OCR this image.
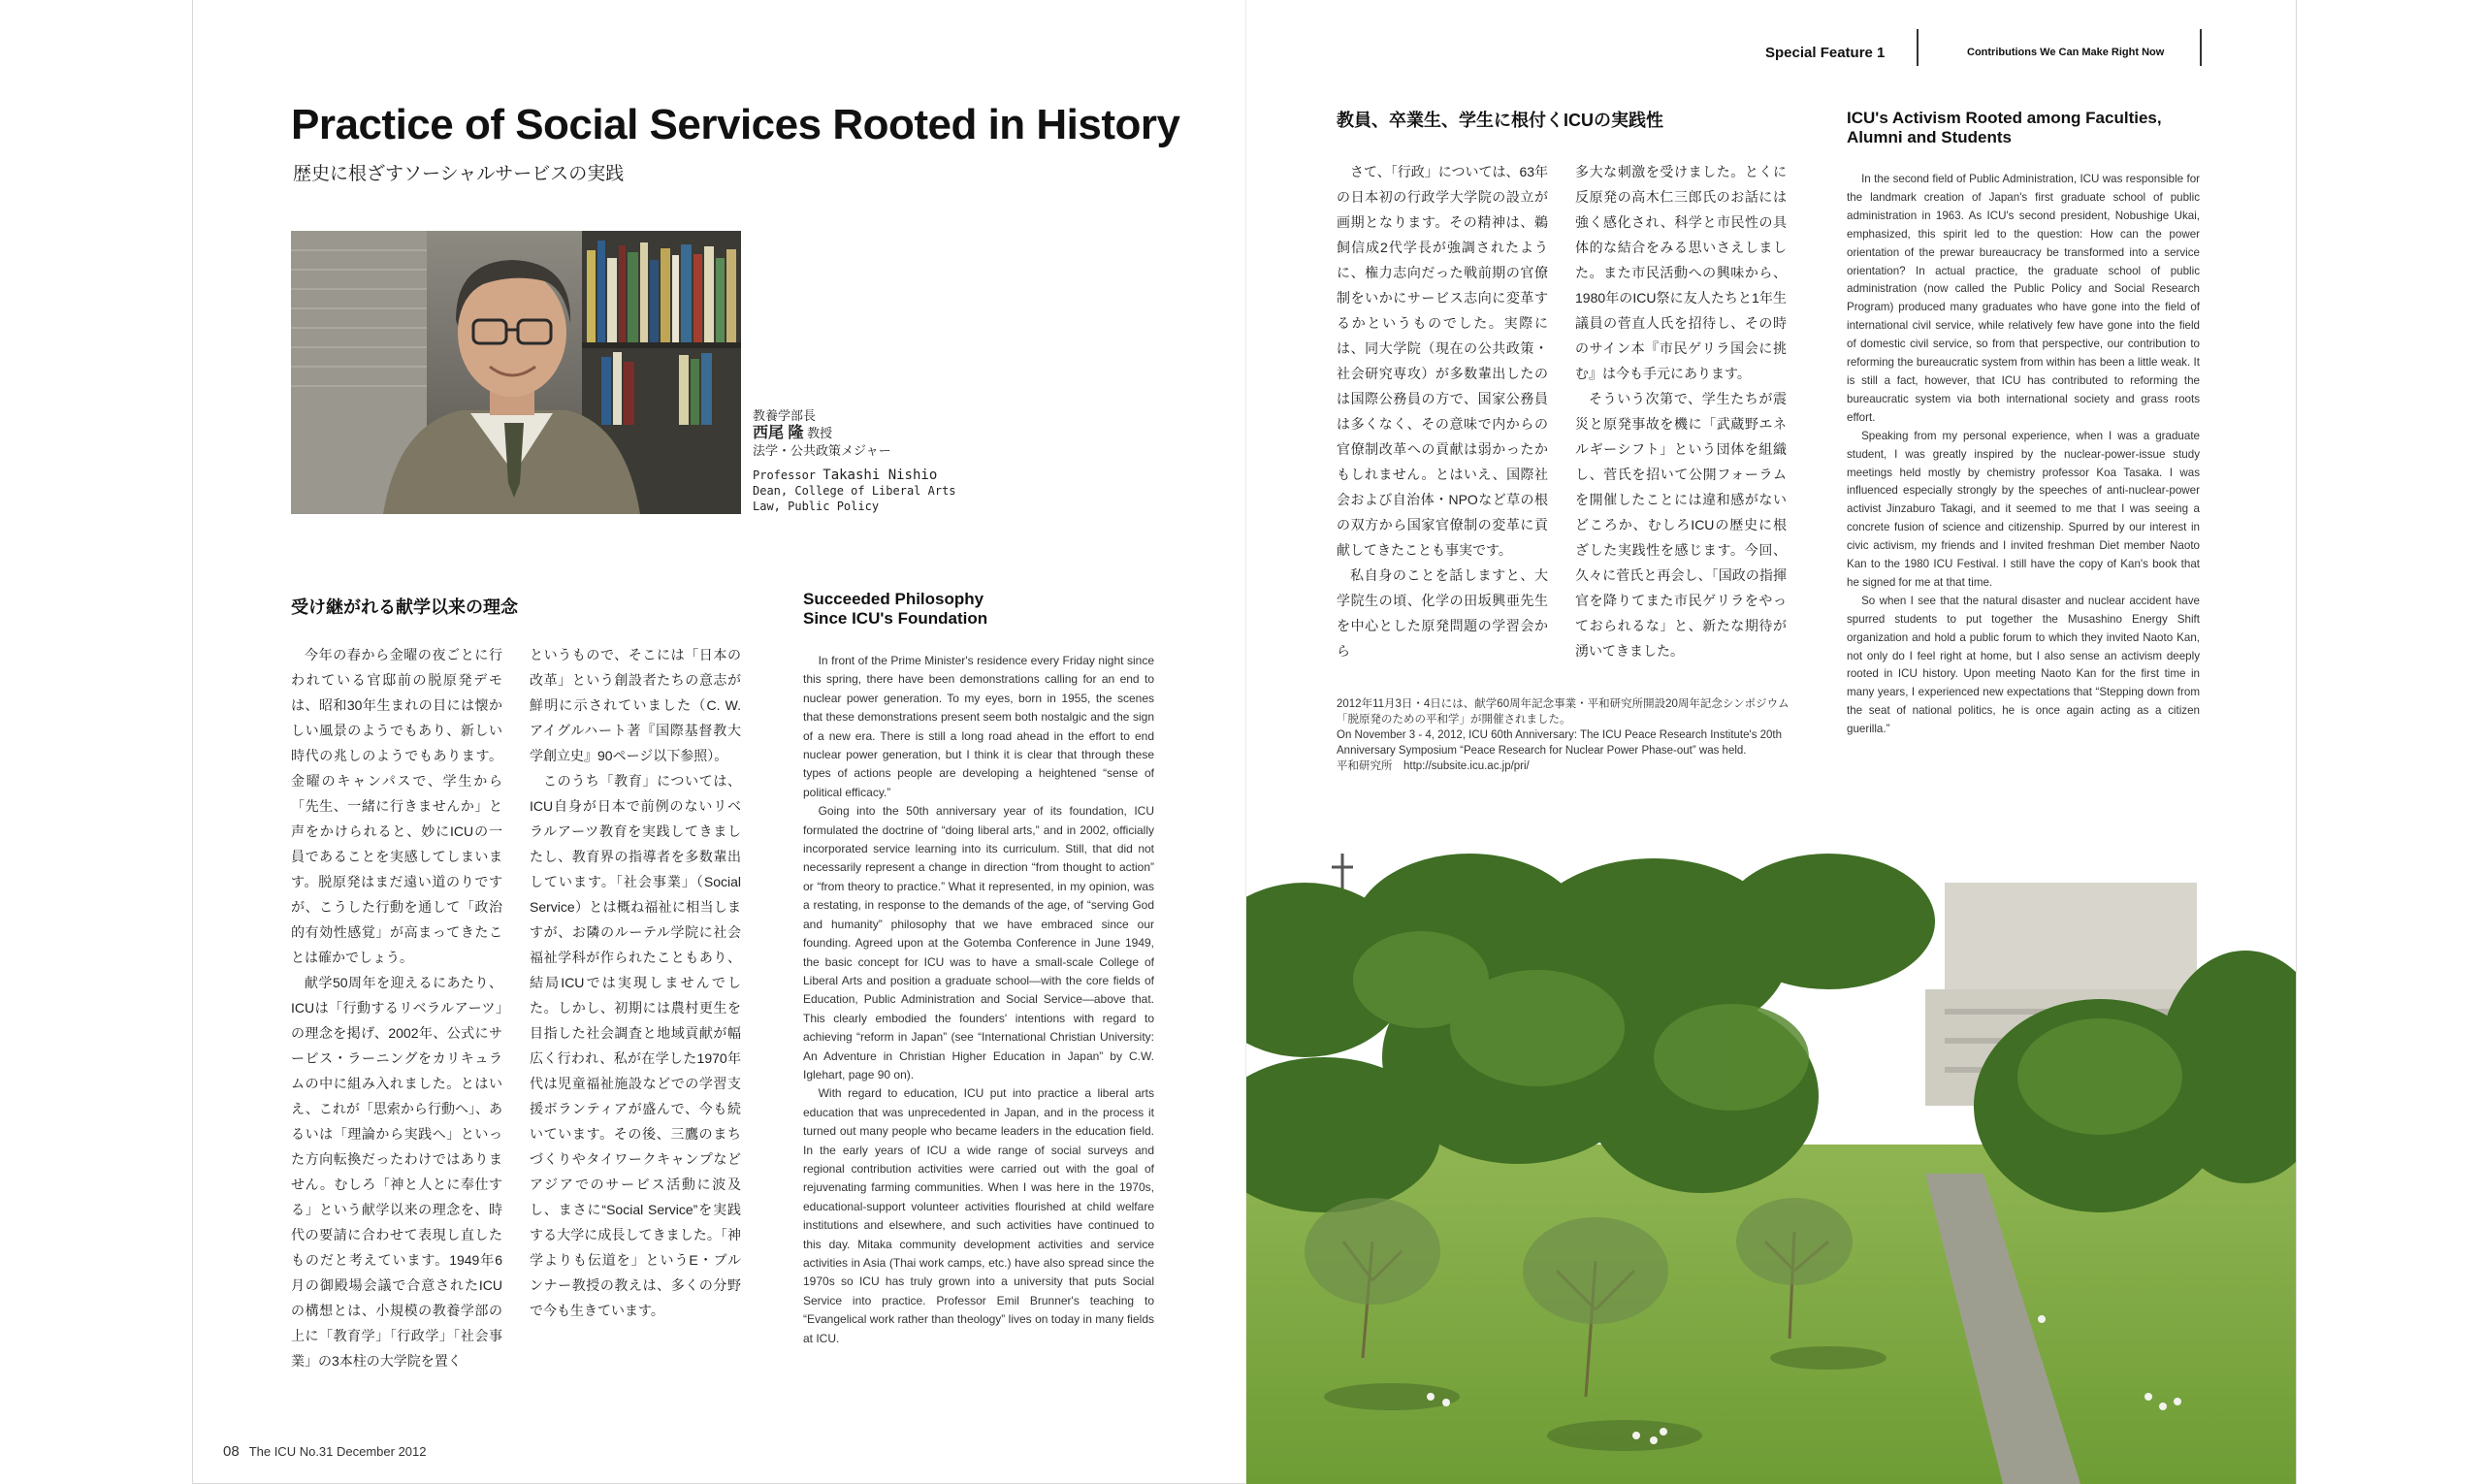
Special Feature 1	Contributions We Can Make Right Now
Practice of Social Services Rooted in History
歴史に根ざすソーシャルサービスの実践
教養学部長
西尾 隆 教授
法学・公共政策メジャー
Professor Takashi Nishio
Dean, College of Liberal Arts
Law, Public Policy
受け継がれる献学以来の理念	Succeeded Philosophy
Since ICU's Foundation

今年の春から金曜の夜ごとに行われている官邸前の脱原発デモは、昭和30年生まれの目には懐かしい風景のようでもあり、新しい時代の兆しのようでもあります。金曜のキャンパスで、学生から「先生、一緒に行きませんか」と声をかけられると、妙にICUの一員であることを実感してしまいます。脱原発はまだ遠い道のりですが、こうした行動を通して「政治的有効性感覚」が高まってきたことは確かでしょう。

献学50周年を迎えるにあたり、ICUは「行動するリベラルアーツ」の理念を掲げ、2002年、公式にサービス・ラーニングをカリキュラムの中に組み入れました。とはいえ、これが「思索から行動へ」、あるいは「理論から実践へ」といった方向転換だったわけではありません。むしろ「神と人とに奉仕する」という献学以来の理念を、時代の要請に合わせて表現し直したものだと考えています。1949年6月の御殿場会議で合意されたICUの構想とは、小規模の教養学部の上に「教育学」「行政学」「社会事業」の3本柱の大学院を置く

というもので、そこには「日本の改革」という創設者たちの意志が鮮明に示されていました（C. W. アイグルハート著『国際基督教大学創立史』90ページ以下参照）。

このうち「教育」については、ICU自身が日本で前例のないリベラルアーツ教育を実践してきましたし、教育界の指導者を多数輩出しています。「社会事業」（Social Service）とは概ね福祉に相当しますが、お隣のルーテル学院に社会福祉学科が作られたこともあり、結局ICUでは実現しませんでした。しかし、初期には農村更生を目指した社会調査と地域貢献が幅広く行われ、私が在学した1970年代は児童福祉施設などでの学習支援ボランティアが盛んで、今も続いています。その後、三鷹のまちづくりやタイワークキャンプなどアジアでのサービス活動に波及し、まさに“Social Service”を実践する大学に成長してきました。「神学よりも伝道を」というE・ブルンナー教授の教えは、多くの分野で今も生きています。

In front of the Prime Minister's residence every Friday night since this spring, there have been demonstrations calling for an end to nuclear power generation. To my eyes, born in 1955, the scenes that these demonstrations present seem both nostalgic and the sign of a new era. There is still a long road ahead in the effort to end nuclear power generation, but I think it is clear that through these types of actions people are developing a heightened “sense of political efficacy.”

Going into the 50th anniversary year of its foundation, ICU formulated the doctrine of “doing liberal arts,” and in 2002, officially incorporated service learning into its curriculum. Still, that did not necessarily represent a change in direction “from thought to action” or “from theory to practice.” What it represented, in my opinion, was a restating, in response to the demands of the age, of “serving God and humanity” philosophy that we have embraced since our founding. Agreed upon at the Gotemba Conference in June 1949, the basic concept for ICU was to have a small-scale College of Liberal Arts and position a graduate school—with the core fields of Education, Public Administration and Social Service—above that. This clearly embodied the founders' intentions with regard to achieving “reform in Japan” (see “International Christian University: An Adventure in Christian Higher Education in Japan” by C.W. Iglehart, page 90 on).

With regard to education, ICU put into practice a liberal arts education that was unprecedented in Japan, and in the process it turned out many people who became leaders in the education field. In the early years of ICU a wide range of social surveys and regional contribution activities were carried out with the goal of rejuvenating farming communities. When I was here in the 1970s, educational-support volunteer activities flourished at child welfare institutions and elsewhere, and such activities have continued to this day. Mitaka community development activities and service activities in Asia (Thai work camps, etc.) have also spread since the 1970s so ICU has truly grown into a university that puts Social Service into practice. Professor Emil Brunner's teaching to “Evangelical work rather than theology” lives on today in many fields at ICU.

教員、卒業生、学生に根付くICUの実践性	ICU's Activism Rooted among Faculties,
Alumni and Students

さて、「行政」については、63年の日本初の行政学大学院の設立が画期となります。その精神は、鵜飼信成2代学長が強調されたように、権力志向だった戦前期の官僚制をいかにサービス志向に変革するかというものでした。実際には、同大学院（現在の公共政策・社会研究専攻）が多数輩出したのは国際公務員の方で、国家公務員は多くなく、その意味で内からの官僚制改革への貢献は弱かったかもしれません。とはいえ、国際社会および自治体・NPOなど草の根の双方から国家官僚制の変革に貢献してきたことも事実です。

私自身のことを話しますと、大学院生の頃、化学の田坂興亜先生を中心とした原発問題の学習会から

多大な刺激を受けました。とくに反原発の高木仁三郎氏のお話には強く感化され、科学と市民性の具体的な結合をみる思いさえしました。また市民活動への興味から、1980年のICU祭に友人たちと1年生議員の菅直人氏を招待し、その時のサイン本『市民ゲリラ国会に挑む』は今も手元にあります。

そういう次第で、学生たちが震災と原発事故を機に「武蔵野エネルギーシフト」という団体を組織し、菅氏を招いて公開フォーラムを開催したことには違和感がないどころか、むしろICUの歴史に根ざした実践性を感じます。今回、久々に菅氏と再会し、「国政の指揮官を降りてまた市民ゲリラをやっておられるな」と、新たな期待が湧いてきました。

2012年11月3日・4日には、献学60周年記念事業・平和研究所開設20周年記念シンポジウム「脱原発のための平和学」が開催されました。

On November 3 - 4, 2012, ICU 60th Anniversary: The ICU Peace Research Institute's 20th Anniversary Symposium “Peace Research for Nuclear Power Phase-out” was held.

平和研究所　http://subsite.icu.ac.jp/pri/

In the second field of Public Administration, ICU was responsible for the landmark creation of Japan's first graduate school of public administration in 1963. As ICU's second president, Nobushige Ukai, emphasized, this spirit led to the question: How can the power orientation of the prewar bureaucracy be transformed into a service orientation? In actual practice, the graduate school of public administration (now called the Public Policy and Social Research Program) produced many graduates who have gone into the field of international civil service, while relatively few have gone into the field of domestic civil service, so from that perspective, our contribution to reforming the bureaucratic system from within has been a little weak. It is still a fact, however, that ICU has contributed to reforming the bureaucratic system via both international society and grass roots effort.

Speaking from my personal experience, when I was a graduate student, I was greatly inspired by the nuclear-power-issue study meetings held mostly by chemistry professor Koa Tasaka. I was influenced especially strongly by the speeches of anti-nuclear-power activist Jinzaburo Takagi, and it seemed to me that I was seeing a concrete fusion of science and citizenship. Spurred by our interest in civic activism, my friends and I invited freshman Diet member Naoto Kan to the 1980 ICU Festival. I still have the copy of Kan's book that he signed for me at that time.

So when I see that the natural disaster and nuclear accident have spurred students to put together the Musashino Energy Shift organization and hold a public forum to which they invited Naoto Kan, not only do I feel right at home, but I also sense an activism deeply rooted in ICU history. Upon meeting Naoto Kan for the first time in many years, I experienced new expectations that “Stepping down from the seat of national politics, he is once again acting as a citizen guerilla.”

08 The ICU No.31 December 2012
